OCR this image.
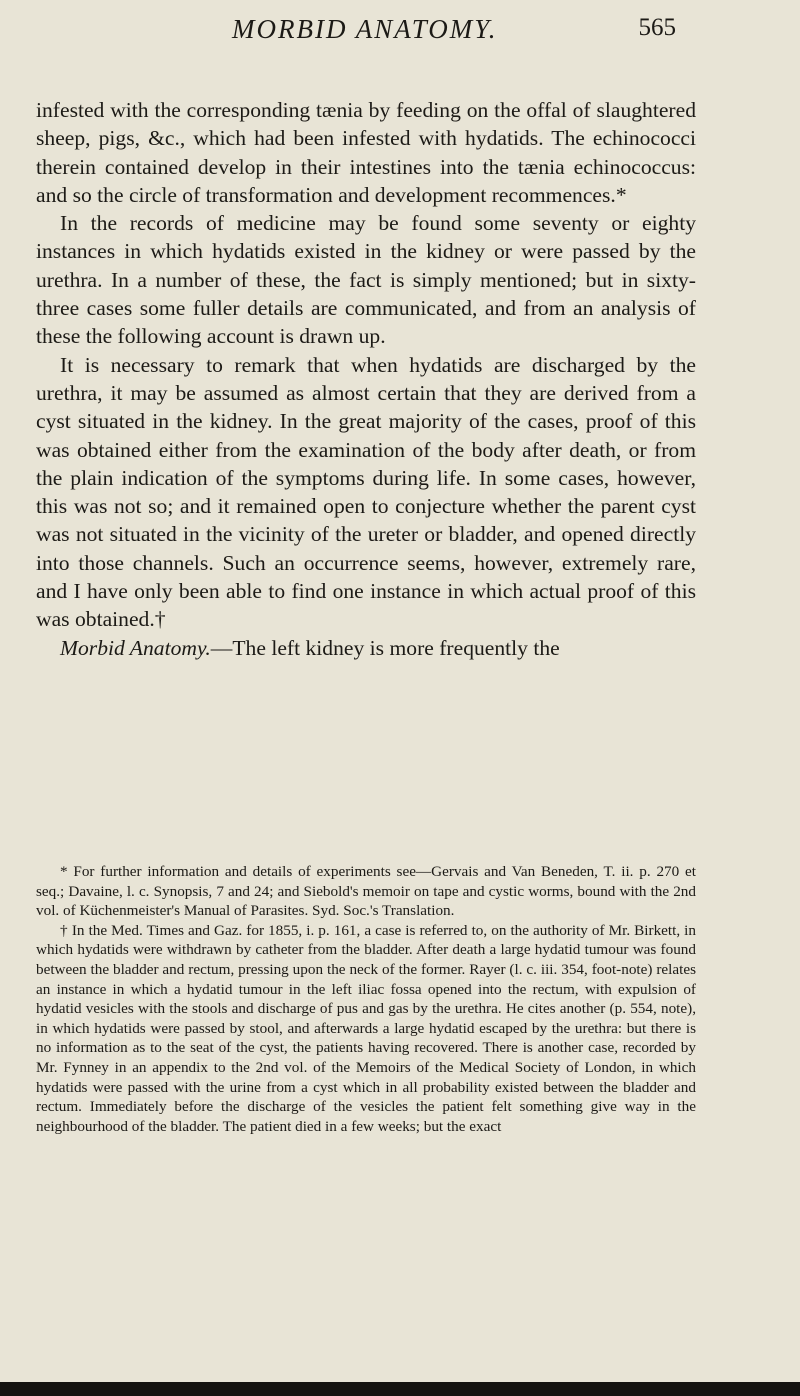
MORBID ANATOMY.	565

infested with the corresponding tænia by feeding on the offal of slaughtered sheep, pigs, &c., which had been infested with hydatids. The echinococci therein contained develop in their intestines into the tænia echinococcus: and so the circle of transformation and development recommences.*

In the records of medicine may be found some seventy or eighty instances in which hydatids existed in the kidney or were passed by the urethra. In a number of these, the fact is simply mentioned; but in sixty-three cases some fuller details are communicated, and from an analysis of these the following account is drawn up.

It is necessary to remark that when hydatids are discharged by the urethra, it may be assumed as almost certain that they are derived from a cyst situated in the kidney. In the great majority of the cases, proof of this was obtained either from the examination of the body after death, or from the plain indication of the symptoms during life. In some cases, however, this was not so; and it remained open to conjecture whether the parent cyst was not situated in the vicinity of the ureter or bladder, and opened directly into those channels. Such an occurrence seems, however, extremely rare, and I have only been able to find one instance in which actual proof of this was obtained.†

Morbid Anatomy.—The left kidney is more frequently the

* For further information and details of experiments see—Gervais and Van Beneden, T. ii. p. 270 et seq.; Davaine, l. c. Synopsis, 7 and 24; and Siebold's memoir on tape and cystic worms, bound with the 2nd vol. of Küchenmeister's Manual of Parasites. Syd. Soc.'s Translation.

† In the Med. Times and Gaz. for 1855, i. p. 161, a case is referred to, on the authority of Mr. Birkett, in which hydatids were withdrawn by catheter from the bladder. After death a large hydatid tumour was found between the bladder and rectum, pressing upon the neck of the former. Rayer (l. c. iii. 354, foot-note) relates an instance in which a hydatid tumour in the left iliac fossa opened into the rectum, with expulsion of hydatid vesicles with the stools and discharge of pus and gas by the urethra. He cites another (p. 554, note), in which hydatids were passed by stool, and afterwards a large hydatid escaped by the urethra: but there is no information as to the seat of the cyst, the patients having recovered. There is another case, recorded by Mr. Fynney in an appendix to the 2nd vol. of the Memoirs of the Medical Society of London, in which hydatids were passed with the urine from a cyst which in all probability existed between the bladder and rectum. Immediately before the discharge of the vesicles the patient felt something give way in the neighbourhood of the bladder. The patient died in a few weeks; but the exact
